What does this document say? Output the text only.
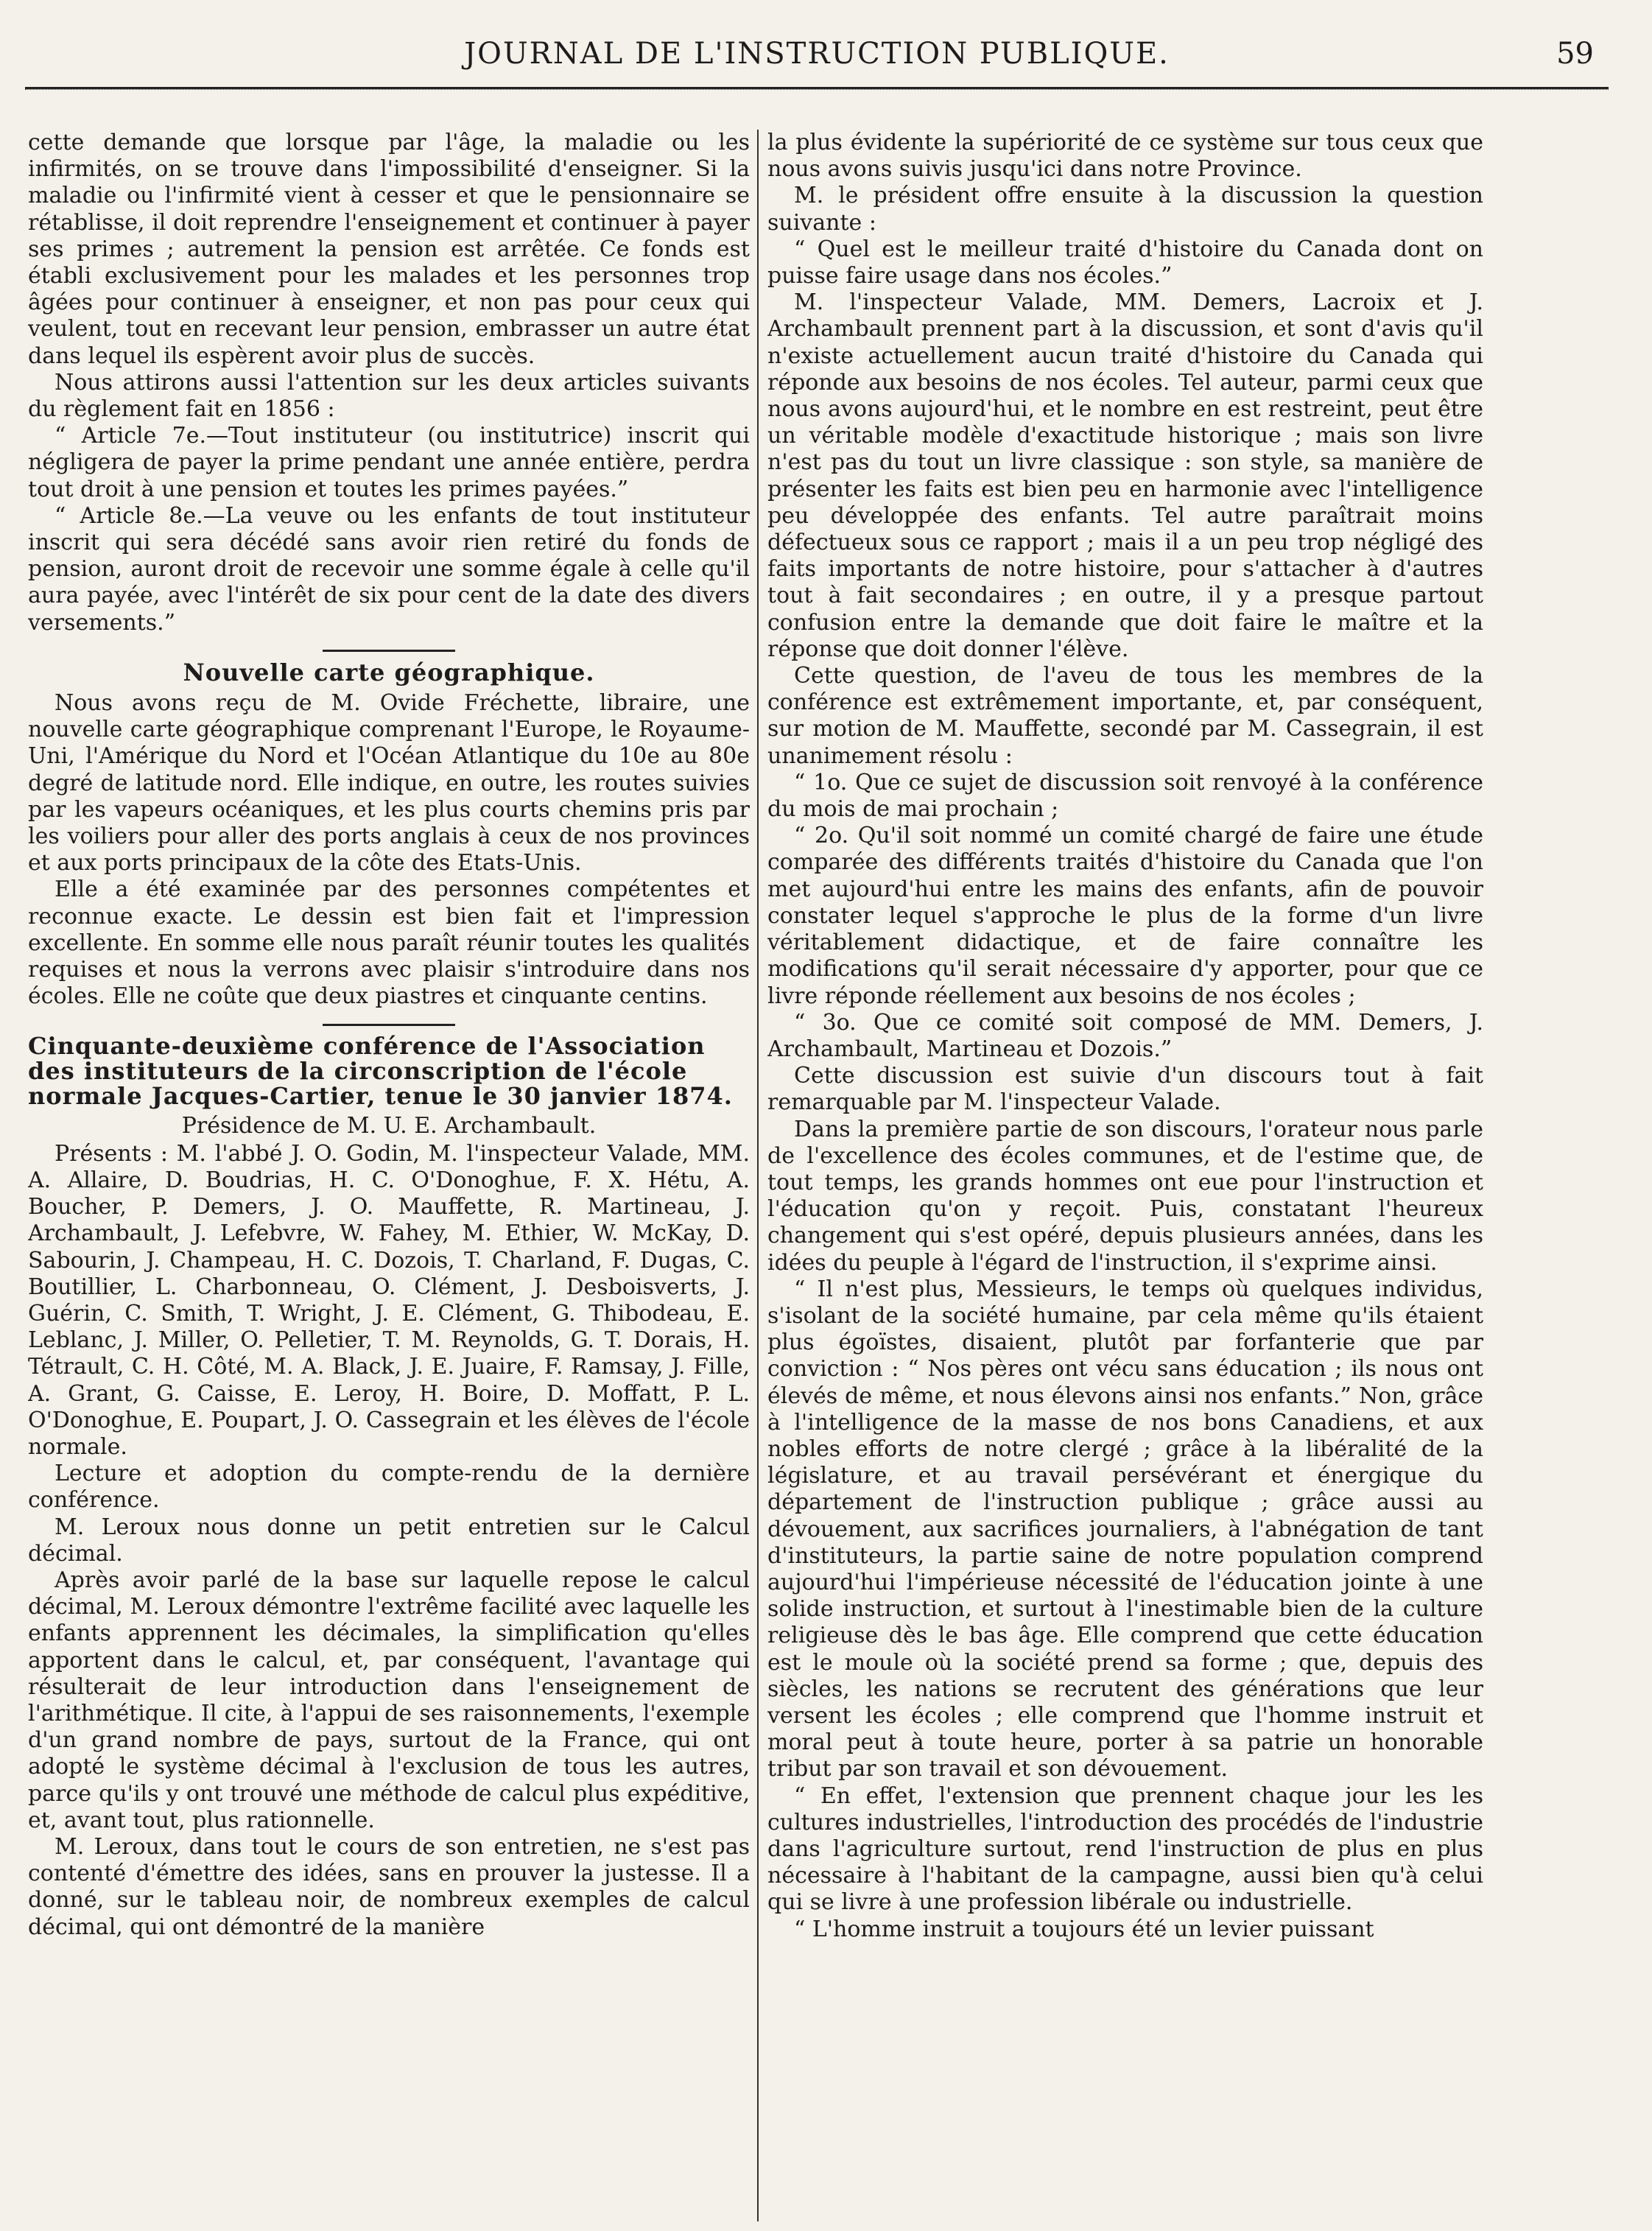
JOURNAL DE L'INSTRUCTION PUBLIQUE.	59

cette demande que lorsque par l'âge, la maladie ou les infirmités, on se trouve dans l'impossibilité d'enseigner. Si la maladie ou l'infirmité vient à cesser et que le pensionnaire se rétablisse, il doit reprendre l'enseignement et continuer à payer ses primes ; autrement la pension est arrêtée. Ce fonds est établi exclusivement pour les malades et les personnes trop âgées pour continuer à enseigner, et non pas pour ceux qui veulent, tout en recevant leur pension, embrasser un autre état dans lequel ils espèrent avoir plus de succès.

Nous attirons aussi l'attention sur les deux articles suivants du règlement fait en 1856 :

“ Article 7e.—Tout instituteur (ou institutrice) inscrit qui négligera de payer la prime pendant une année entière, perdra tout droit à une pension et toutes les primes payées.”

“ Article 8e.—La veuve ou les enfants de tout instituteur inscrit qui sera décédé sans avoir rien retiré du fonds de pension, auront droit de recevoir une somme égale à celle qu'il aura payée, avec l'intérêt de six pour cent de la date des divers versements.”

Nouvelle carte géographique.

Nous avons reçu de M. Ovide Fréchette, libraire, une nouvelle carte géographique comprenant l'Europe, le Royaume-Uni, l'Amérique du Nord et l'Océan Atlantique du 10e au 80e degré de latitude nord. Elle indique, en outre, les routes suivies par les vapeurs océaniques, et les plus courts chemins pris par les voiliers pour aller des ports anglais à ceux de nos provinces et aux ports principaux de la côte des Etats-Unis.

Elle a été examinée par des personnes compétentes et reconnue exacte. Le dessin est bien fait et l'impression excellente. En somme elle nous paraît réunir toutes les qualités requises et nous la verrons avec plaisir s'introduire dans nos écoles. Elle ne coûte que deux piastres et cinquante centins.

Cinquante-deuxième conférence de l'Association des instituteurs de la circonscription de l'école normale Jacques-Cartier, tenue le 30 janvier 1874.
Présidence de M. U. E. Archambault.

Présents : M. l'abbé J. O. Godin, M. l'inspecteur Valade, MM. A. Allaire, D. Boudrias, H. C. O'Donoghue, F. X. Hétu, A. Boucher, P. Demers, J. O. Mauffette, R. Martineau, J. Archambault, J. Lefebvre, W. Fahey, M. Ethier, W. McKay, D. Sabourin, J. Champeau, H. C. Dozois, T. Charland, F. Dugas, C. Boutillier, L. Charbonneau, O. Clément, J. Desboisverts, J. Guérin, C. Smith, T. Wright, J. E. Clément, G. Thibodeau, E. Leblanc, J. Miller, O. Pelletier, T. M. Reynolds, G. T. Dorais, H. Tétrault, C. H. Côté, M. A. Black, J. E. Juaire, F. Ramsay, J. Fille, A. Grant, G. Caisse, E. Leroy, H. Boire, D. Moffatt, P. L. O'Donoghue, E. Poupart, J. O. Cassegrain et les élèves de l'école normale.

Lecture et adoption du compte-rendu de la dernière conférence.

M. Leroux nous donne un petit entretien sur le Calcul décimal.

Après avoir parlé de la base sur laquelle repose le calcul décimal, M. Leroux démontre l'extrême facilité avec laquelle les enfants apprennent les décimales, la simplification qu'elles apportent dans le calcul, et, par conséquent, l'avantage qui résulterait de leur introduction dans l'enseignement de l'arithmétique. Il cite, à l'appui de ses raisonnements, l'exemple d'un grand nombre de pays, surtout de la France, qui ont adopté le système décimal à l'exclusion de tous les autres, parce qu'ils y ont trouvé une méthode de calcul plus expéditive, et, avant tout, plus rationnelle.

M. Leroux, dans tout le cours de son entretien, ne s'est pas contenté d'émettre des idées, sans en prouver la justesse. Il a donné, sur le tableau noir, de nombreux exemples de calcul décimal, qui ont démontré de la manière

la plus évidente la supériorité de ce système sur tous ceux que nous avons suivis jusqu'ici dans notre Province.

M. le président offre ensuite à la discussion la question suivante :

“ Quel est le meilleur traité d'histoire du Canada dont on puisse faire usage dans nos écoles.”

M. l'inspecteur Valade, MM. Demers, Lacroix et J. Archambault prennent part à la discussion, et sont d'avis qu'il n'existe actuellement aucun traité d'histoire du Canada qui réponde aux besoins de nos écoles. Tel auteur, parmi ceux que nous avons aujourd'hui, et le nombre en est restreint, peut être un véritable modèle d'exactitude historique ; mais son livre n'est pas du tout un livre classique : son style, sa manière de présenter les faits est bien peu en harmonie avec l'intelligence peu développée des enfants. Tel autre paraîtrait moins défectueux sous ce rapport ; mais il a un peu trop négligé des faits importants de notre histoire, pour s'attacher à d'autres tout à fait secondaires ; en outre, il y a presque partout confusion entre la demande que doit faire le maître et la réponse que doit donner l'élève.

Cette question, de l'aveu de tous les membres de la conférence est extrêmement importante, et, par conséquent, sur motion de M. Mauffette, secondé par M. Cassegrain, il est unanimement résolu :

“ 1o. Que ce sujet de discussion soit renvoyé à la conférence du mois de mai prochain ;

“ 2o. Qu'il soit nommé un comité chargé de faire une étude comparée des différents traités d'histoire du Canada que l'on met aujourd'hui entre les mains des enfants, afin de pouvoir constater lequel s'approche le plus de la forme d'un livre véritablement didactique, et de faire connaître les modifications qu'il serait nécessaire d'y apporter, pour que ce livre réponde réellement aux besoins de nos écoles ;

“ 3o. Que ce comité soit composé de MM. Demers, J. Archambault, Martineau et Dozois.”

Cette discussion est suivie d'un discours tout à fait remarquable par M. l'inspecteur Valade.

Dans la première partie de son discours, l'orateur nous parle de l'excellence des écoles communes, et de l'estime que, de tout temps, les grands hommes ont eue pour l'instruction et l'éducation qu'on y reçoit. Puis, constatant l'heureux changement qui s'est opéré, depuis plusieurs années, dans les idées du peuple à l'égard de l'instruction, il s'exprime ainsi.

“ Il n'est plus, Messieurs, le temps où quelques individus, s'isolant de la société humaine, par cela même qu'ils étaient plus égoïstes, disaient, plutôt par forfanterie que par conviction : “ Nos pères ont vécu sans éducation ; ils nous ont élevés de même, et nous élevons ainsi nos enfants.” Non, grâce à l'intelligence de la masse de nos bons Canadiens, et aux nobles efforts de notre clergé ; grâce à la libéralité de la législature, et au travail persévérant et énergique du département de l'instruction publique ; grâce aussi au dévouement, aux sacrifices journaliers, à l'abnégation de tant d'instituteurs, la partie saine de notre population comprend aujourd'hui l'impérieuse nécessité de l'éducation jointe à une solide instruction, et surtout à l'inestimable bien de la culture religieuse dès le bas âge. Elle comprend que cette éducation est le moule où la société prend sa forme ; que, depuis des siècles, les nations se recrutent des générations que leur versent les écoles ; elle comprend que l'homme instruit et moral peut à toute heure, porter à sa patrie un honorable tribut par son travail et son dévouement.

“ En effet, l'extension que prennent chaque jour les les cultures industrielles, l'introduction des procédés de l'industrie dans l'agriculture surtout, rend l'instruction de plus en plus nécessaire à l'habitant de la campagne, aussi bien qu'à celui qui se livre à une profession libérale ou industrielle.

“ L'homme instruit a toujours été un levier puissant
